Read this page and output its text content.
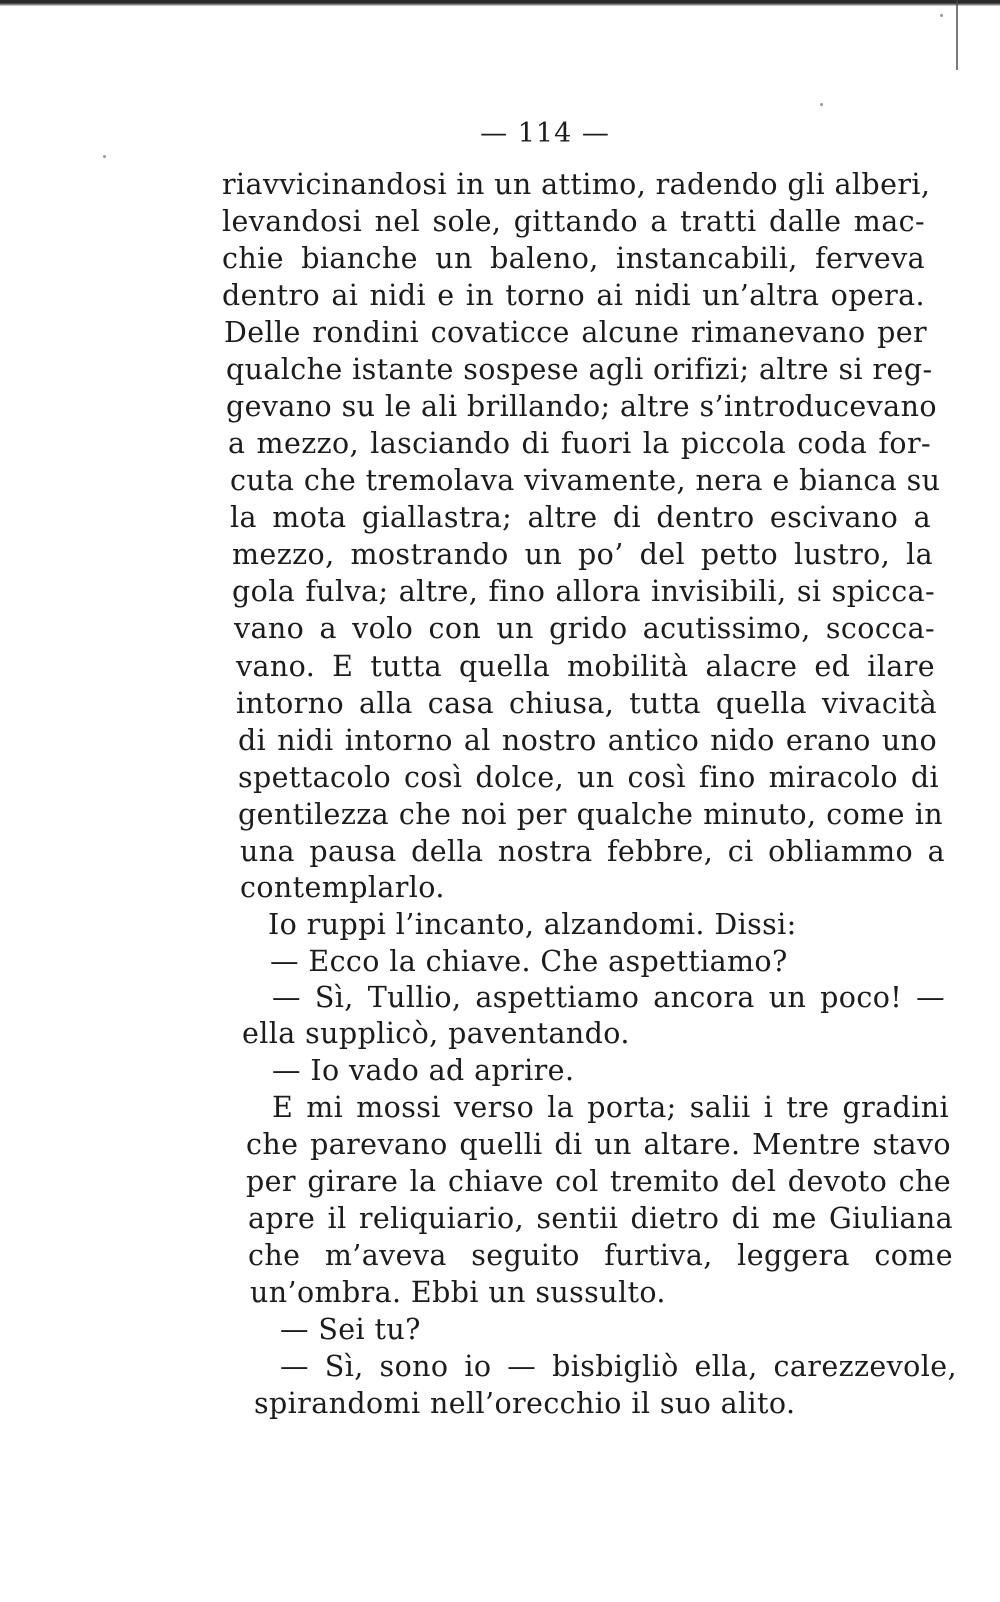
— 114 —
riavvicinandosi in un attimo, radendo gli alberi,
levandosi nel sole, gittando a tratti dalle mac-
chie bianche un baleno, instancabili, ferveva
dentro ai nidi e in torno ai nidi un’altra opera.
Delle rondini covaticce alcune rimanevano per
qualche istante sospese agli orifizi; altre si reg-
gevano su le ali brillando; altre s’introducevano
a mezzo, lasciando di fuori la piccola coda for-
cuta che tremolava vivamente, nera e bianca su
la mota giallastra; altre di dentro escivano a
mezzo, mostrando un po’ del petto lustro, la
gola fulva; altre, fino allora invisibili, si spicca-
vano a volo con un grido acutissimo, scocca-
vano. E tutta quella mobilità alacre ed ilare
intorno alla casa chiusa, tutta quella vivacità
di nidi intorno al nostro antico nido erano uno
spettacolo così dolce, un così fino miracolo di
gentilezza che noi per qualche minuto, come in
una pausa della nostra febbre, ci obliammo a
contemplarlo.
Io ruppi l’incanto, alzandomi. Dissi:
— Ecco la chiave. Che aspettiamo?
— Sì, Tullio, aspettiamo ancora un poco! —
ella supplicò, paventando.
— Io vado ad aprire.
E mi mossi verso la porta; salii i tre gradini
che parevano quelli di un altare. Mentre stavo
per girare la chiave col tremito del devoto che
apre il reliquiario, sentii dietro di me Giuliana
che m’aveva seguito furtiva, leggera come
un’ombra. Ebbi un sussulto.
— Sei tu?
— Sì, sono io — bisbigliò ella, carezzevole,
spirandomi nell’orecchio il suo alito.
